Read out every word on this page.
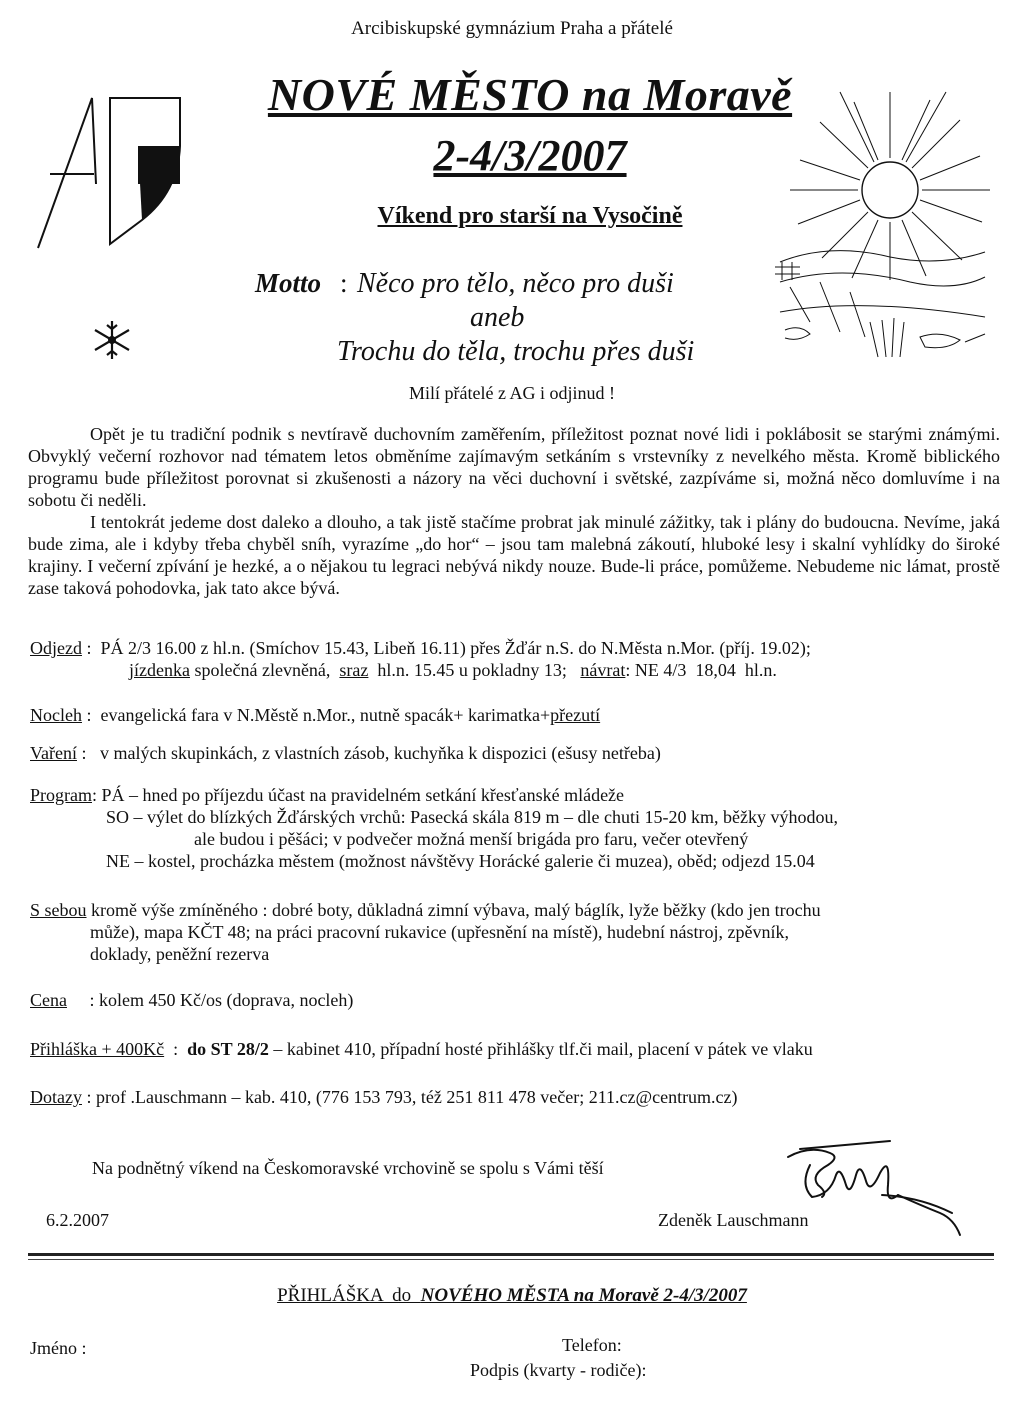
Arcibiskupské gymnázium Praha a přátelé
NOVÉ MĚSTO na Moravě
2-4/3/2007
Víkend pro starší na Vysočině
Motto : Něco pro tělo, něco pro duši
aneb
Trochu do těla, trochu přes duši
Milí přátelé z AG i odjinud !

Opět je tu tradiční podnik s nevtíravě duchovním zaměřením, příležitost poznat nové lidi i poklábosit se starými známými. Obvyklý večerní rozhovor nad tématem letos obměníme zajímavým setkáním s vrstevníky z nevelkého města. Kromě biblického programu bude příležitost porovnat si zkušenosti a názory na věci duchovní i světské, zazpíváme si, možná něco domluvíme i na sobotu či neděli.

I tentokrát jedeme dost daleko a dlouho, a tak jistě stačíme probrat jak minulé zážitky, tak i plány do budoucna. Nevíme, jaká bude zima, ale i kdyby třeba chyběl sníh, vyrazíme „do hor“ – jsou tam malebná zákoutí, hluboké lesy i skalní vyhlídky do široké krajiny. I večerní zpívání je hezké, a o nějakou tu legraci nebývá nikdy nouze. Bude-li práce, pomůžeme. Nebudeme nic lámat, prostě zase taková pohodovka, jak tato akce bývá.

Odjezd :  PÁ 2/3 16.00 z hl.n. (Smíchov 15.43, Libeň 16.11) přes Žďár n.S. do N.Města n.Mor. (příj. 19.02);
jízdenka společná zlevněná,  sraz  hl.n. 15.45 u pokladny 13;   návrat: NE 4/3  18,04  hl.n.
Nocleh :  evangelická fara v N.Městě n.Mor., nutně spacák+ karimatka+přezutí
Vaření :   v malých skupinkách, z vlastních zásob, kuchyňka k dispozici (ešusy netřeba)
Program: PÁ – hned po příjezdu účast na pravidelném setkání křesťanské mládeže
SO – výlet do blízkých Žďárských vrchů: Pasecká skála 819 m – dle chuti 15-20 km, běžky výhodou,
ale budou i pěšáci; v podvečer možná menší brigáda pro faru, večer otevřený
NE – kostel, procházka městem (možnost návštěvy Horácké galerie či muzea), oběd; odjezd 15.04
S sebou kromě výše zmíněného : dobré boty, důkladná zimní výbava, malý báglík, lyže běžky (kdo jen trochu
může), mapa KČT 48; na práci pracovní rukavice (upřesnění na místě), hudební nástroj, zpěvník,
doklady, peněžní rezerva
Cena     : kolem 450 Kč/os (doprava, nocleh)
Přihláška + 400Kč  :  do ST 28/2 – kabinet 410, případní hosté přihlášky tlf.či mail, placení v pátek ve vlaku
Dotazy : prof .Lauschmann – kab. 410, (776 153 793, též 251 811 478 večer; 211.cz@centrum.cz)
Na podnětný víkend na Českomoravské vrchovině se spolu s Vámi těší
6.2.2007	Zdeněk Lauschmann
PŘIHLÁŠKA  do  NOVÉHO MĚSTA na Moravě 2-4/3/2007
Jméno :	Telefon:
Podpis (kvarty - rodiče):
